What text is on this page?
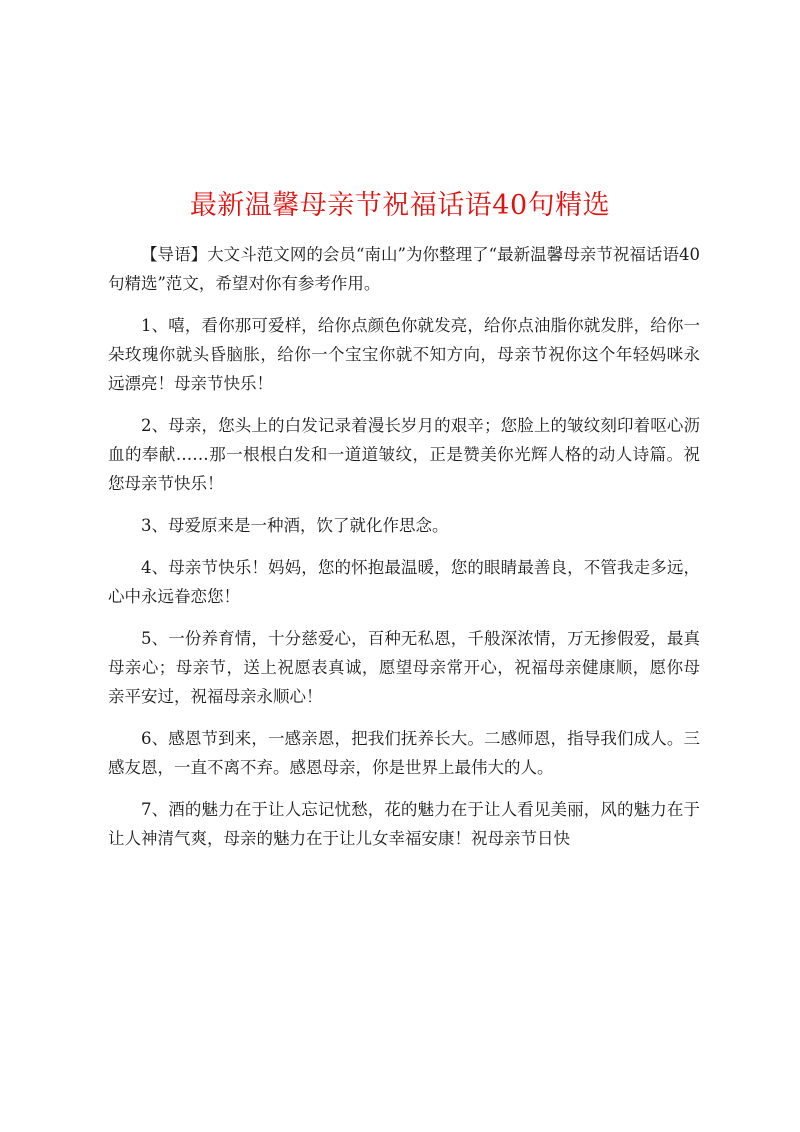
最新温馨母亲节祝福话语40句精选

【导语】大文斗范文网的会员“南山”为你整理了“最新温馨母亲节祝福话语40句精选”范文，希望对你有参考作用。

1、嘻，看你那可爱样，给你点颜色你就发亮，给你点油脂你就发胖，给你一朵玫瑰你就头昏脑胀，给你一个宝宝你就不知方向，母亲节祝你这个年轻妈咪永远漂亮！母亲节快乐！

2、母亲，您头上的白发记录着漫长岁月的艰辛；您脸上的皱纹刻印着呕心沥血的奉献……那一根根白发和一道道皱纹，正是赞美你光辉人格的动人诗篇。祝您母亲节快乐！

3、母爱原来是一种酒，饮了就化作思念。

4、母亲节快乐！妈妈，您的怀抱最温暖，您的眼睛最善良，不管我走多远，心中永远眷恋您！

5、一份养育情，十分慈爱心，百种无私恩，千般深浓情，万无掺假爱，最真母亲心；母亲节，送上祝愿表真诚，愿望母亲常开心，祝福母亲健康顺，愿你母亲平安过，祝福母亲永顺心！

6、感恩节到来，一感亲恩，把我们抚养长大。二感师恩，指导我们成人。三感友恩，一直不离不弃。感恩母亲，你是世界上最伟大的人。

7、酒的魅力在于让人忘记忧愁，花的魅力在于让人看见美丽，风的魅力在于让人神清气爽，母亲的魅力在于让儿女幸福安康！祝母亲节日快
